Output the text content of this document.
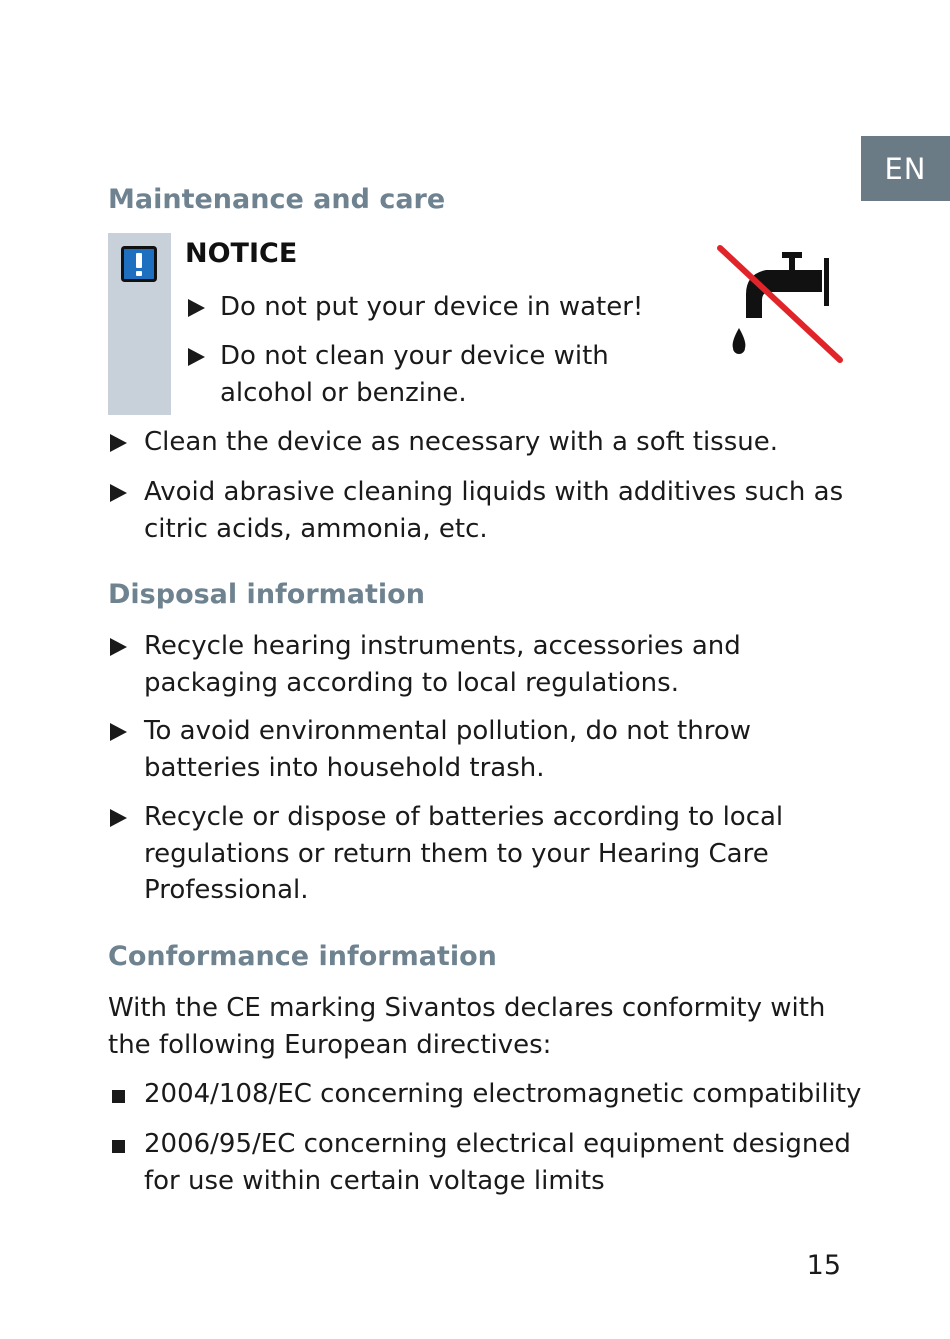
EN
Maintenance and care
NOTICE
Do not put your device in water!
Do not clean your device with alcohol or benzine.
Clean the device as necessary with a soft tissue.
Avoid abrasive cleaning liquids with additives such as citric acids, ammonia, etc.
Disposal information
Recycle hearing instruments, accessories and packaging according to local regulations.
To avoid environmental pollution, do not throw batteries into household trash.
Recycle or dispose of batteries according to local regulations or return them to your Hearing Care Professional.
Conformance information
With the CE marking Sivantos declares conformity with the following European directives:
2004/108/EC concerning electromagnetic compatibility
2006/95/EC concerning electrical equipment designed for use within certain voltage limits
15
